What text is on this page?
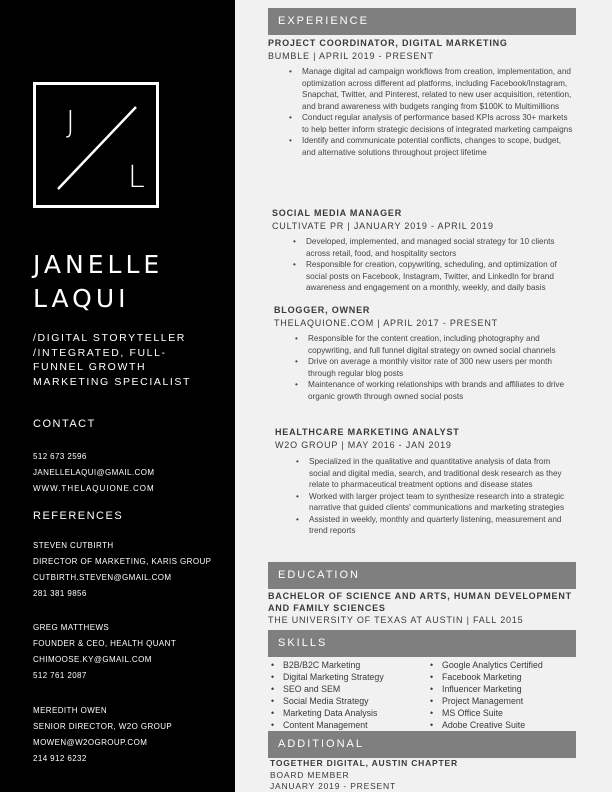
J
L
JANELLE
LAQUI
/DIGITAL STORYTELLER
/INTEGRATED, FULL-
FUNNEL GROWTH
MARKETING SPECIALIST
CONTACT
512 673 2596
JANELLELAQUI@GMAIL.COM
WWW.THELAQUIONE.COM
REFERENCES
STEVEN CUTBIRTH
DIRECTOR OF MARKETING, KARIS GROUP
CUTBIRTH.STEVEN@GMAIL.COM
281 381 9856
GREG MATTHEWS
FOUNDER & CEO, HEALTH QUANT
CHIMOOSE.KY@GMAIL.COM
512 761 2087
MEREDITH OWEN
SENIOR DIRECTOR, W2O GROUP
MOWEN@W2OGROUP.COM
214 912 6232
EXPERIENCE
PROJECT COORDINATOR, DIGITAL MARKETING
BUMBLE | APRIL 2019 - PRESENT
• Manage digital ad campaign workflows from creation, implementation, and optimization across different ad platforms, including Facebook/Instagram, Snapchat, Twitter, and Pinterest, related to new user acquisition, retention, and brand awareness with budgets ranging from $100K to Multimillions
• Conduct regular analysis of performance based KPIs across 30+ markets to help better inform strategic decisions of integrated marketing campaigns
• Identify and communicate potential conflicts, changes to scope, budget, and alternative solutions throughout project lifetime
SOCIAL MEDIA MANAGER
CULTIVATE PR | JANUARY 2019 - APRIL 2019
• Developed, implemented, and managed social strategy for 10 clients across retail, food, and hospitality sectors
• Responsible for creation, copywriting, scheduling, and optimization of social posts on Facebook, Instagram, Twitter, and LinkedIn for brand awareness and engagement on a monthly, weekly, and daily basis
BLOGGER, OWNER
THELAQUIONE.COM | APRIL 2017 - PRESENT
• Responsible for the content creation, including photography and copywriting, and full funnel digital strategy on owned social channels
• Drive on average a monthly visitor rate of 300 new users per month through regular blog posts
• Maintenance of working relationships with brands and affiliates to drive organic growth through owned social posts
HEALTHCARE MARKETING ANALYST
W2O GROUP | MAY 2016 - JAN 2019
• Specialized in the qualitative and quantitative analysis of data from social and digital media, search, and traditional desk research as they relate to pharmaceutical treatment options and disease states
• Worked with larger project team to synthesize research into a strategic narrative that guided clients' communications and marketing strategies
• Assisted in weekly, monthly and quarterly listening, measurement and trend reports
EDUCATION
BACHELOR OF SCIENCE AND ARTS, HUMAN DEVELOPMENT
AND FAMILY SCIENCES
THE UNIVERSITY OF TEXAS AT AUSTIN | FALL 2015
SKILLS
• B2B/B2C Marketing
• Digital Marketing Strategy
• SEO and SEM
• Social Media Strategy
• Marketing Data Analysis
• Content Management
• Google Analytics Certified
• Facebook Marketing
• Influencer Marketing
• Project Management
• MS Office Suite
• Adobe Creative Suite
ADDITIONAL
TOGETHER DIGITAL, AUSTIN CHAPTER
BOARD MEMBER
JANUARY 2019 - PRESENT
